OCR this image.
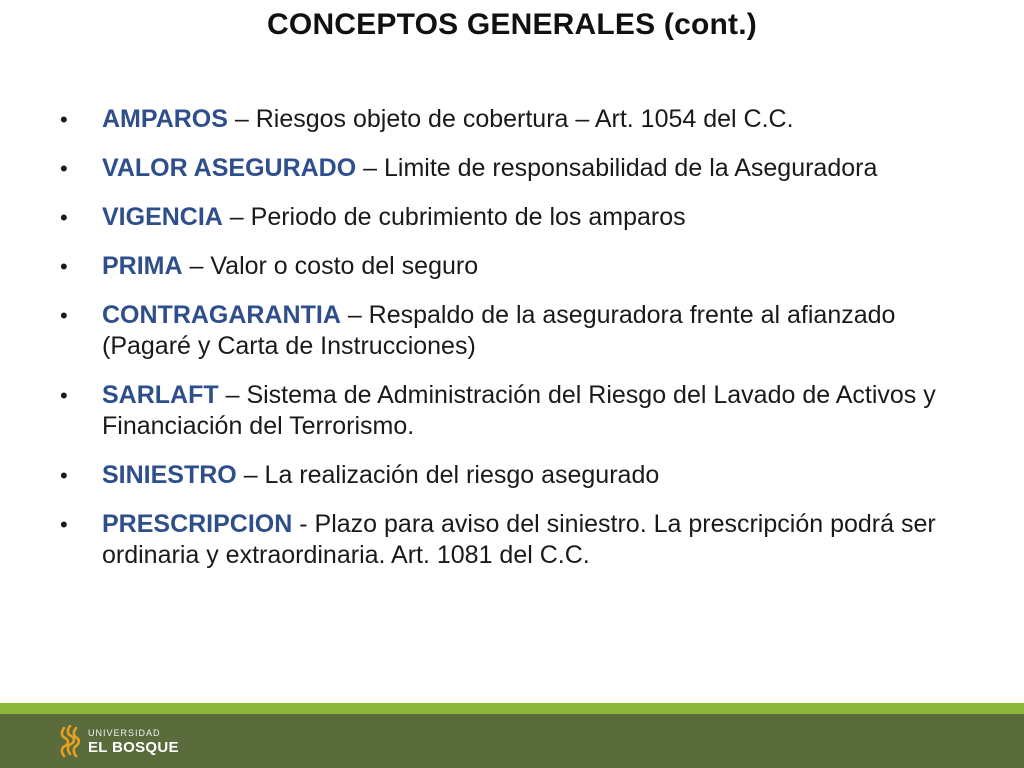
CONCEPTOS GENERALES (cont.)
• AMPAROS – Riesgos objeto de cobertura – Art. 1054 del C.C.
• VALOR ASEGURADO – Limite de responsabilidad de la Aseguradora
• VIGENCIA – Periodo de cubrimiento de los amparos
• PRIMA – Valor o costo del seguro
• CONTRAGARANTIA – Respaldo de la aseguradora frente al afianzado (Pagaré y Carta de Instrucciones)
• SARLAFT – Sistema de Administración del Riesgo del Lavado de Activos y Financiación del Terrorismo.
• SINIESTRO – La realización del riesgo asegurado
• PRESCRIPCION - Plazo para aviso del siniestro. La prescripción podrá ser ordinaria y extraordinaria. Art. 1081 del C.C.
UNIVERSIDAD
EL BOSQUE
